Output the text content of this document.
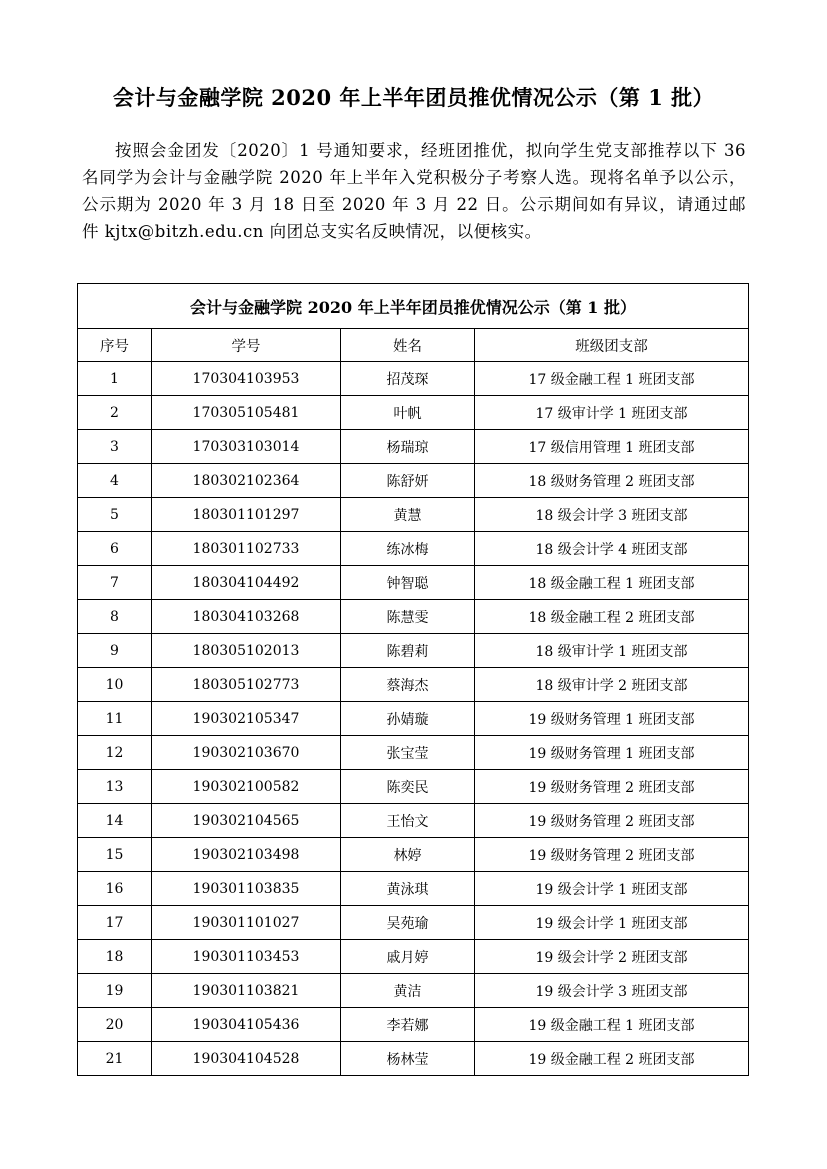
会计与金融学院 2020 年上半年团员推优情况公示（第 1 批）

按照会金团发〔2020〕1 号通知要求，经班团推优，拟向学生党支部推荐以下 36 名同学为会计与金融学院 2020 年上半年入党积极分子考察人选。现将名单予以公示，公示期为 2020 年 3 月 18 日至 2020 年 3 月 22 日。公示期间如有异议，请通过邮件 kjtx@bitzh.edu.cn 向团总支实名反映情况，以便核实。

会计与金融学院 2020 年上半年团员推优情况公示（第 1 批）			
序号	学号	姓名	班级团支部
1	170304103953	招茂琛	17 级金融工程 1 班团支部
2	170305105481	叶帆	17 级审计学 1 班团支部
3	170303103014	杨瑞琼	17 级信用管理 1 班团支部
4	180302102364	陈舒妍	18 级财务管理 2 班团支部
5	180301101297	黄慧	18 级会计学 3 班团支部
6	180301102733	练冰梅	18 级会计学 4 班团支部
7	180304104492	钟智聪	18 级金融工程 1 班团支部
8	180304103268	陈慧雯	18 级金融工程 2 班团支部
9	180305102013	陈碧莉	18 级审计学 1 班团支部
10	180305102773	蔡海杰	18 级审计学 2 班团支部
11	190302105347	孙婧璇	19 级财务管理 1 班团支部
12	190302103670	张宝莹	19 级财务管理 1 班团支部
13	190302100582	陈奕民	19 级财务管理 2 班团支部
14	190302104565	王怡文	19 级财务管理 2 班团支部
15	190302103498	林婷	19 级财务管理 2 班团支部
16	190301103835	黄泳琪	19 级会计学 1 班团支部
17	190301101027	吴苑瑜	19 级会计学 1 班团支部
18	190301103453	戚月婷	19 级会计学 2 班团支部
19	190301103821	黄洁	19 级会计学 3 班团支部
20	190304105436	李若娜	19 级金融工程 1 班团支部
21	190304104528	杨林莹	19 级金融工程 2 班团支部
